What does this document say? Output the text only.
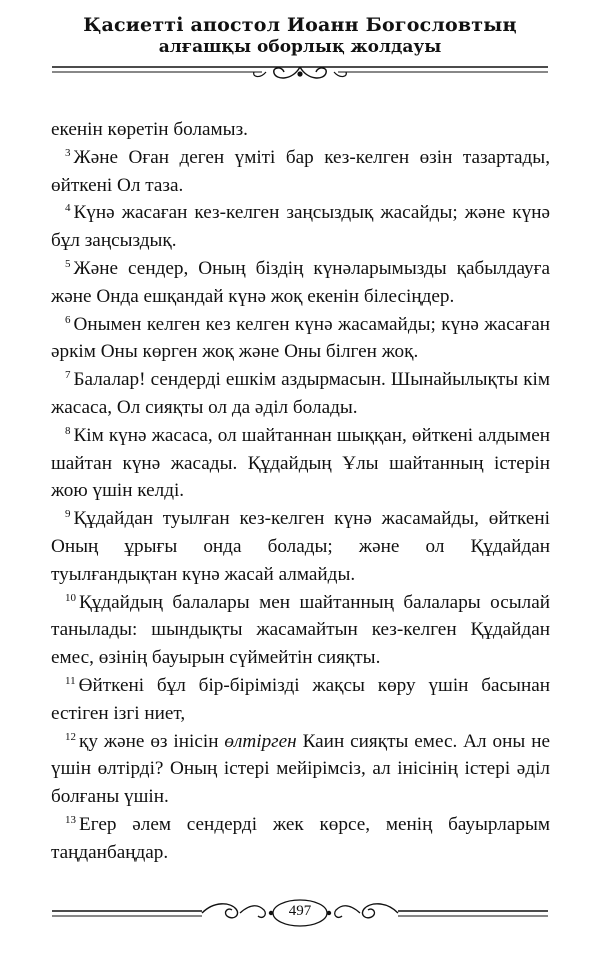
Қасиетті апостол Иоанн Богословтың
алғашқы оборлық жолдауы

екенін көретін боламыз.

$^3$ Және Оған деген үміті бар кез-келген өзін тазартады, өйткені Ол таза.

$^4$ Күнә жасаған кез-келген заңсыздық жасайды; және күнә бұл заңсыздық.

$^5$ Және сендер, Оның біздің күнәларымызды қабылдауға және Онда ешқандай күнә жоқ екенін білесіңдер.

$^6$ Онымен келген кез келген күнә жасамайды; күнә жасаған әркім Оны көрген жоқ және Оны білген жоқ.

$^7$ Балалар! сендерді ешкім аздырмасын. Шынайылықты кім жасаса, Ол сияқты ол да әділ болады.

$^8$ Кім күнә жасаса, ол шайтаннан шыққан, өйткені алдымен шайтан күнә жасады. Құдайдың Ұлы шайтанның істерін жою үшін келді.

$^9$ Құдайдан туылған кез-келген күнә жасамайды, өйткені Оның ұрығы онда болады; және ол Құдайдан туылғандықтан күнә жасай алмайды.

$^{10}$ Құдайдың балалары мен шайтанның балалары осылай танылады: шындықты жасамайтын кез-келген Құдайдан емес, өзінің бауырын сүймейтін сияқты.

$^{11}$ Өйткені бұл бір-бірімізді жақсы көру үшін басынан естіген ізгі ниет,

$^{12}$ қу және өз інісін өлтірген Каин сияқты емес. Ал оны не үшін өлтірді? Оның істері мейірімсіз, ал інісінің істері әділ болғаны үшін.

$^{13}$ Егер әлем сендерді жек көрсе, менің бауырларым таңданбаңдар.

497
